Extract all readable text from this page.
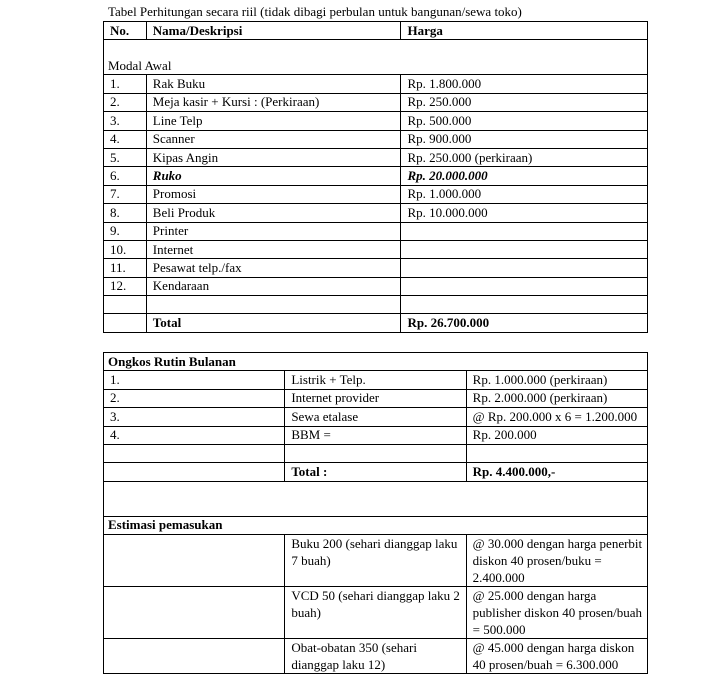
Tabel Perhitungan secara riil (tidak dibagi perbulan untuk bangunan/sewa toko)
No.	Nama/Deskripsi	Harga
Modal Awal		
1.	Rak Buku	Rp. 1.800.000
2.	Meja kasir + Kursi : (Perkiraan)	Rp. 250.000
3.	Line Telp	Rp. 500.000
4.	Scanner	Rp. 900.000
5.	Kipas Angin	Rp. 250.000 (perkiraan)
6.	Ruko	Rp. 20.000.000
7.	Promosi	Rp. 1.000.000
8.	Beli Produk	Rp. 10.000.000
9.	Printer	
10.	Internet	
11.	Pesawat telp./fax	
12.	Kendaraan	

	Total	Rp. 26.700.000
Ongkos Rutin Bulanan		
1.	Listrik + Telp.	Rp. 1.000.000 (perkiraan)
2.	Internet provider	Rp. 2.000.000 (perkiraan)
3.	Sewa etalase	@ Rp. 200.000 x 6 = 1.200.000
4.	BBM =	Rp. 200.000

	Total :	Rp. 4.400.000,-

Estimasi pemasukan		
	Buku 200 (sehari dianggap laku 7 buah)	@ 30.000 dengan harga penerbit diskon 40 prosen/buku = 2.400.000
	VCD 50 (sehari dianggap laku 2 buah)	@ 25.000 dengan harga publisher diskon 40 prosen/buah = 500.000
	Obat-obatan 350 (sehari dianggap laku 12)	@ 45.000 dengan harga diskon 40 prosen/buah = 6.300.000
